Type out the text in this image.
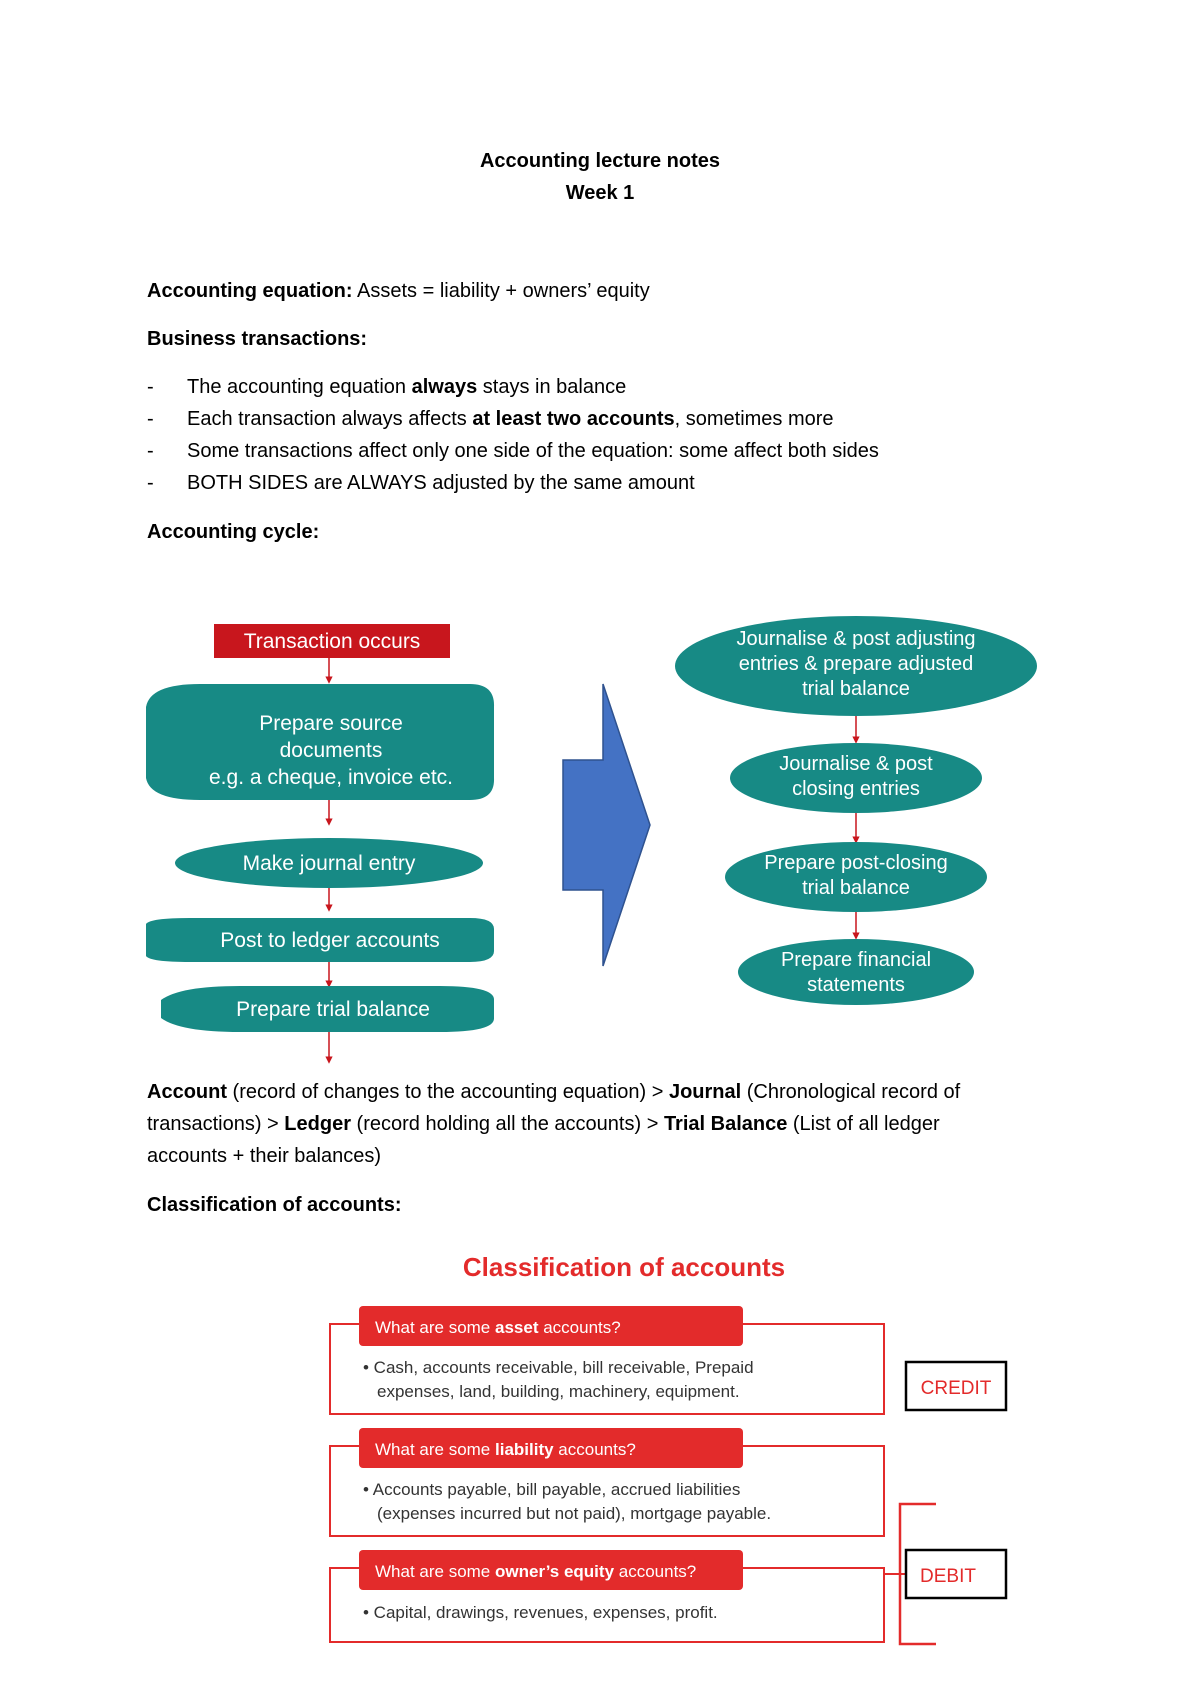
Accounting lecture notes
Week 1
Accounting equation: Assets = liability + owners’ equity
Business transactions:
- The accounting equation always stays in balance
- Each transaction always affects at least two accounts, sometimes more
- Some transactions affect only one side of the equation: some affect both sides
- BOTH SIDES are ALWAYS adjusted by the same amount
Accounting cycle:
Transaction occurs
Prepare source
documents
e.g. a cheque, invoice etc.
Make journal entry
Post to ledger accounts
Prepare trial balance
Journalise & post adjusting
entries & prepare adjusted
trial balance
Journalise & post
closing entries
Prepare post-closing
trial balance
Prepare financial
statements
Account (record of changes to the accounting equation) > Journal (Chronological record of
transactions) > Ledger (record holding all the accounts) > Trial Balance (List of all ledger
accounts + their balances)
Classification of accounts:
Classification of accounts
What are some asset accounts?
• Cash, accounts receivable, bill receivable, Prepaid
expenses, land, building, machinery, equipment.
What are some liability accounts?
• Accounts payable, bill payable, accrued liabilities
(expenses incurred but not paid), mortgage payable.
What are some owner’s equity accounts?
• Capital, drawings, revenues, expenses, profit.
CREDIT
DEBIT
